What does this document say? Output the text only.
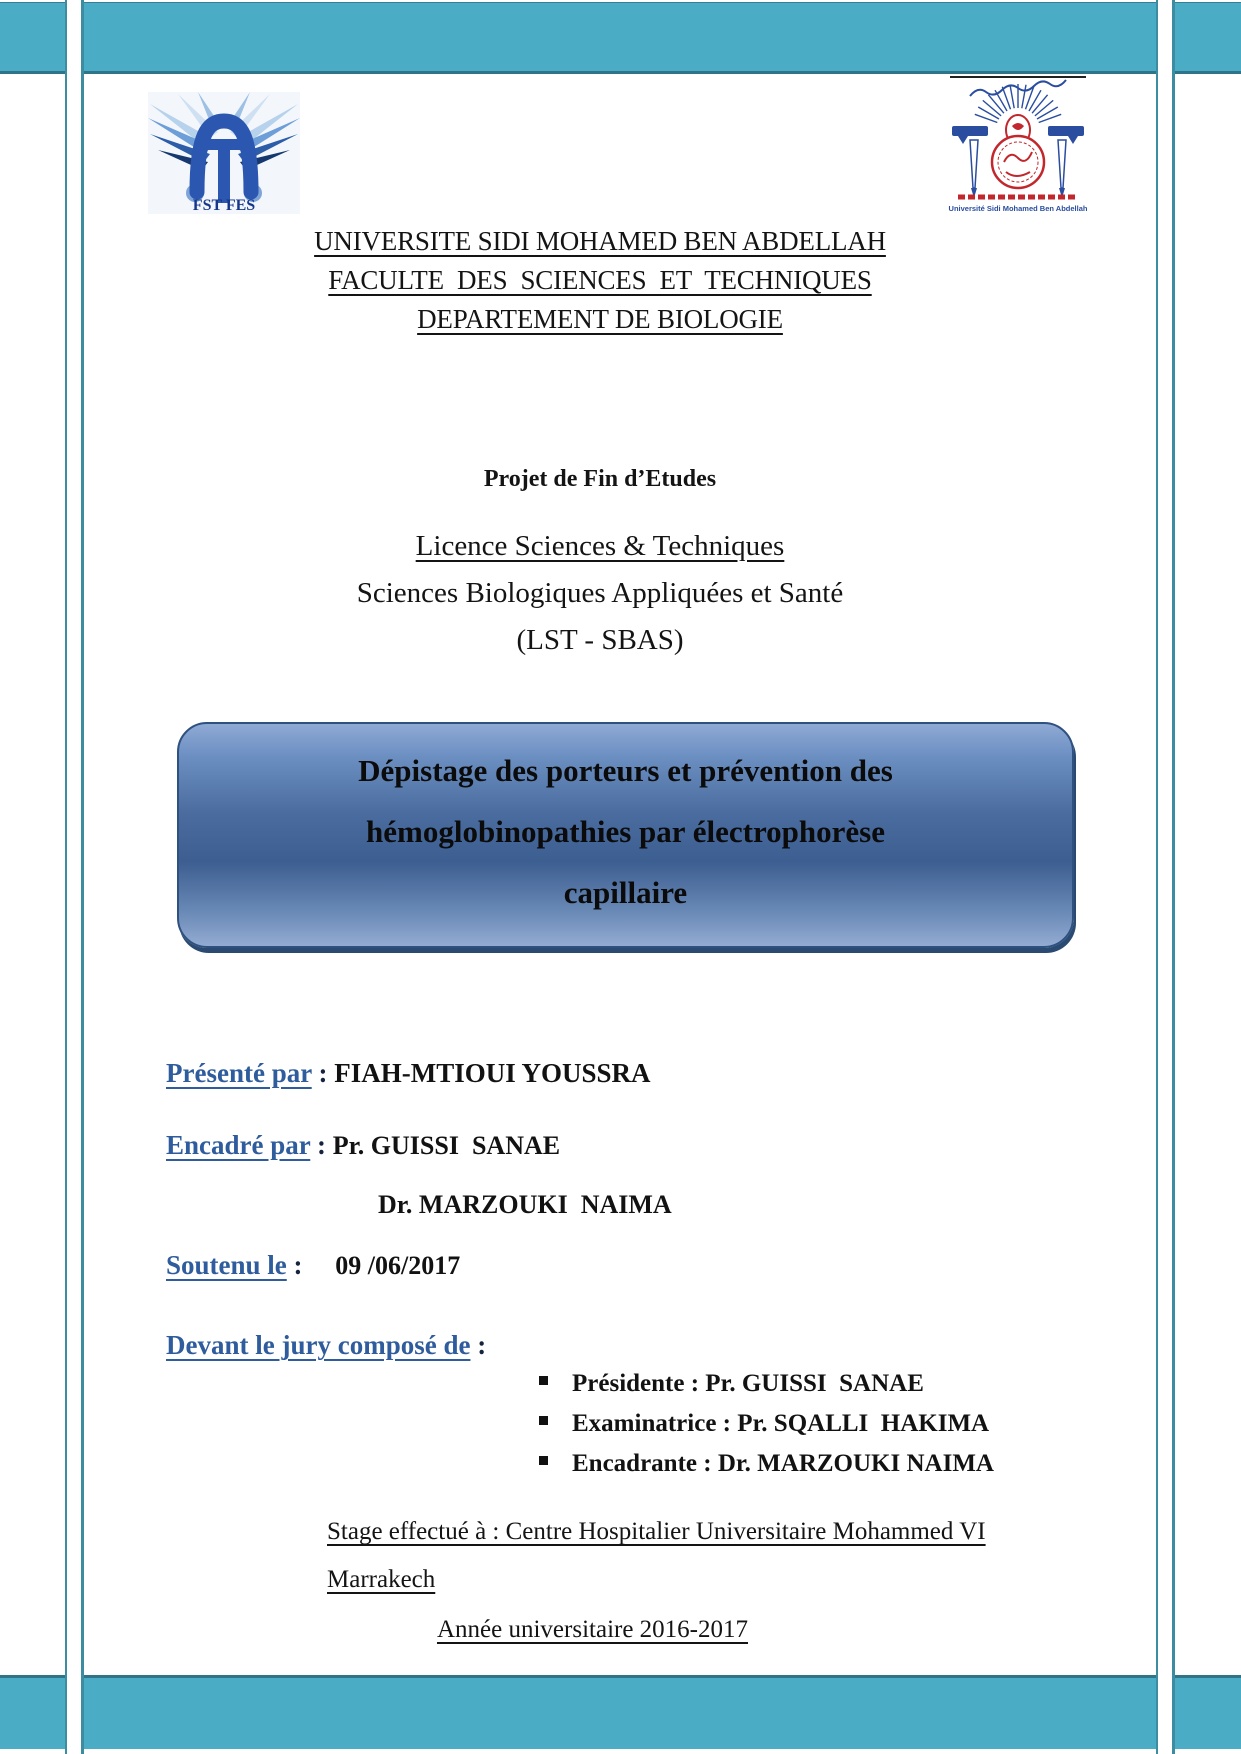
FST FES	Université Sidi Mohamed Ben Abdellah
UNIVERSITE SIDI MOHAMED BEN ABDELLAH
FACULTE  DES  SCIENCES  ET  TECHNIQUES
DEPARTEMENT DE BIOLOGIE
Projet de Fin d’Etudes
Licence Sciences & Techniques
Sciences Biologiques Appliquées et Santé
(LST - SBAS)
Dépistage des porteurs et prévention des
hémoglobinopathies par électrophorèse
capillaire

Présenté par : FIAH-MTIOUI YOUSSRA

Encadré par : Pr. GUISSI  SANAE

Dr. MARZOUKI  NAIMA

Soutenu le : 09 /06/2017

Devant le jury composé de :

Présidente : Pr. GUISSI  SANAE

Examinatrice : Pr. SQALLI  HAKIMA

Encadrante : Dr. MARZOUKI NAIMA

Stage effectué à : Centre Hospitalier Universitaire Mohammed VI

Marrakech

Année universitaire 2016-2017
